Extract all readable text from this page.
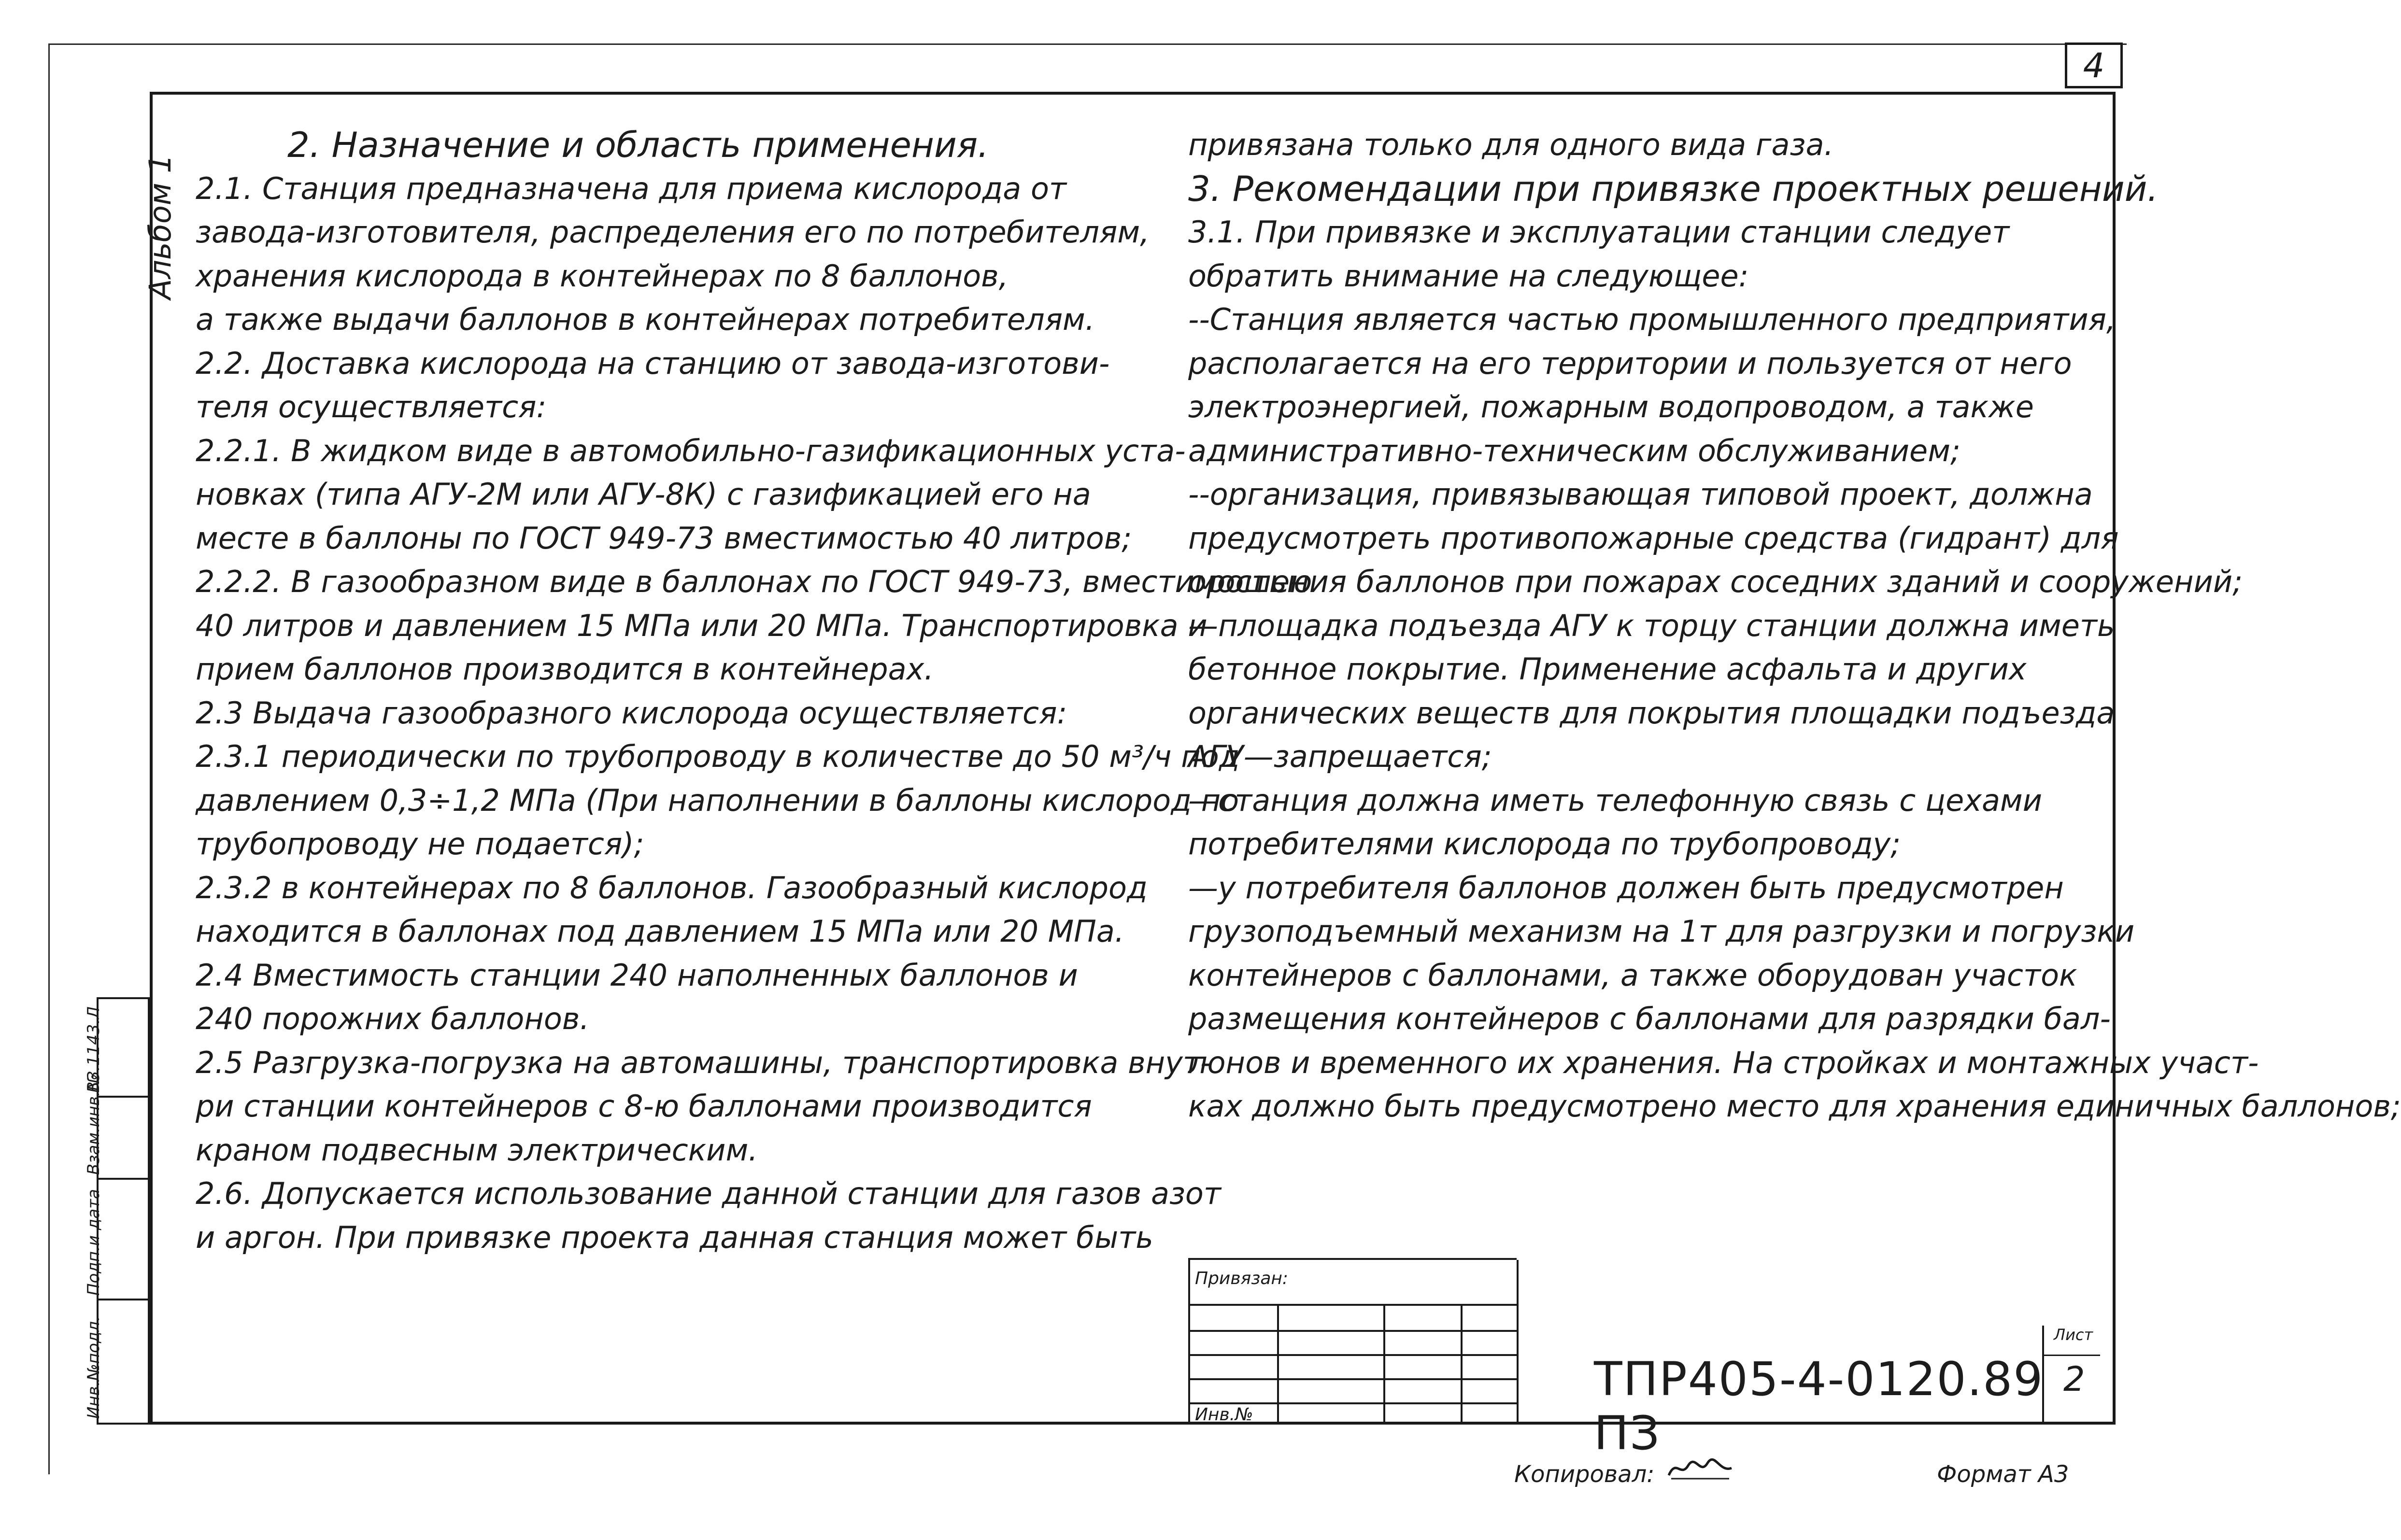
4
Альбом 1
ВЗ.1143.Л
Взам.инв.№
Подп.и дата
Инв.№подл.

2. Назначение и область применения.

2.1. Станция предназначена для приема кислорода от

завода-изготовителя, распределения его по потребителям,

хранения кислорода в контейнерах по 8 баллонов,

а также выдачи баллонов в контейнерах потребителям.

2.2. Доставка кислорода на станцию от завода-изготови-

теля осуществляется:

2.2.1. В жидком виде в автомобильно-газификационных уста-

новках (типа АГУ-2М или АГУ-8К) с газификацией его на

месте в баллоны по ГОСТ 949-73 вместимостью 40 литров;

2.2.2. В газообразном виде в баллонах по ГОСТ 949-73, вместимостью

40 литров и давлением 15 МПа или 20 МПа. Транспортировка и

прием баллонов производится в контейнерах.

2.3 Выдача газообразного кислорода осуществляется:

2.3.1 периодически по трубопроводу в количестве до 50 м³/ч под

давлением 0,3÷1,2 МПа (При наполнении в баллоны кислород по

трубопроводу не подается);

2.3.2 в контейнерах по 8 баллонов. Газообразный кислород

находится в баллонах под давлением 15 МПа или 20 МПа.

2.4 Вместимость станции 240 наполненных баллонов и

240 порожних баллонов.

2.5 Разгрузка-погрузка на автомашины, транспортировка внут-

ри станции контейнеров с 8-ю баллонами производится

краном подвесным электрическим.

2.6. Допускается использование данной станции для газов азот

и аргон. При привязке проекта данная станция может быть

привязана только для одного вида газа.

3. Рекомендации при привязке проектных решений.

3.1. При привязке и эксплуатации станции следует

обратить внимание на следующее:

--Станция является частью промышленного предприятия,

располагается на его территории и пользуется от него

электроэнергией, пожарным водопроводом, а также

административно-техническим обслуживанием;

--организация, привязывающая типовой проект, должна

предусмотреть противопожарные средства (гидрант) для

орошения баллонов при пожарах соседних зданий и сооружений;

—площадка подъезда АГУ к торцу станции должна иметь

бетонное покрытие. Применение асфальта и других

органических веществ для покрытия площадки подъезда

АГУ—запрещается;

—станция должна иметь телефонную связь с цехами

потребителями кислорода по трубопроводу;

—у потребителя баллонов должен быть предусмотрен

грузоподъемный механизм на 1т для разгрузки и погрузки

контейнеров с баллонами, а также оборудован участок

размещения контейнеров с баллонами для разрядки бал-

лонов и временного их хранения. На стройках и монтажных участ-

ках должно быть предусмотрено место для хранения единичных баллонов;

Привязан:
Инв.№
ТПР405-4-0120.89 ПЗ
Лист
2
Копировал:	Формат А3
